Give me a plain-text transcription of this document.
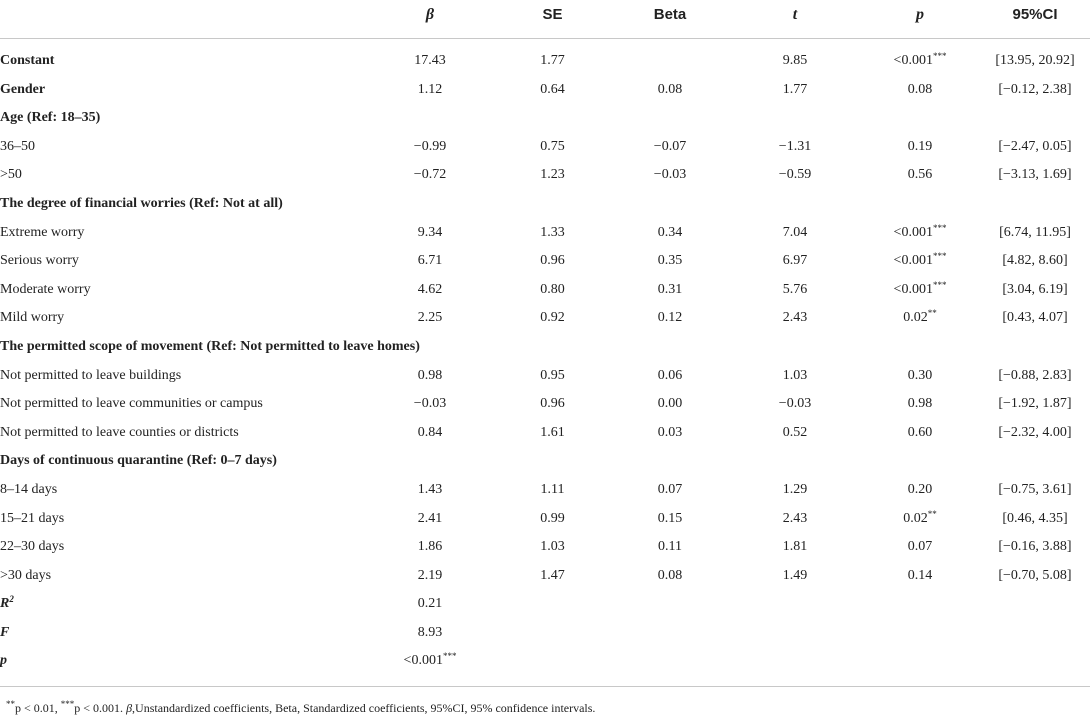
	β	SE	Beta	t	p	95%CI
Constant	17.43	1.77		9.85	<0.001***	[13.95, 20.92]
Gender	1.12	0.64	0.08	1.77	0.08	[−0.12, 2.38]
Age (Ref: 18–35)						
36–50	−0.99	0.75	−0.07	−1.31	0.19	[−2.47, 0.05]
>50	−0.72	1.23	−0.03	−0.59	0.56	[−3.13, 1.69]
The degree of financial worries (Ref: Not at all)						
Extreme worry	9.34	1.33	0.34	7.04	<0.001***	[6.74, 11.95]
Serious worry	6.71	0.96	0.35	6.97	<0.001***	[4.82, 8.60]
Moderate worry	4.62	0.80	0.31	5.76	<0.001***	[3.04, 6.19]
Mild worry	2.25	0.92	0.12	2.43	0.02**	[0.43, 4.07]
The permitted scope of movement (Ref: Not permitted to leave homes)						
Not permitted to leave buildings	0.98	0.95	0.06	1.03	0.30	[−0.88, 2.83]
Not permitted to leave communities or campus	−0.03	0.96	0.00	−0.03	0.98	[−1.92, 1.87]
Not permitted to leave counties or districts	0.84	1.61	0.03	0.52	0.60	[−2.32, 4.00]
Days of continuous quarantine (Ref: 0–7 days)						
8–14 days	1.43	1.11	0.07	1.29	0.20	[−0.75, 3.61]
15–21 days	2.41	0.99	0.15	2.43	0.02**	[0.46, 4.35]
22–30 days	1.86	1.03	0.11	1.81	0.07	[−0.16, 3.88]
>30 days	2.19	1.47	0.08	1.49	0.14	[−0.70, 5.08]
$R^2$	0.21					
F	8.93					
p	<0.001***					
**p < 0.01, ***p < 0.001. β,Unstandardized coefficients, Beta, Standardized coefficients, 95%CI, 95% confidence intervals.
